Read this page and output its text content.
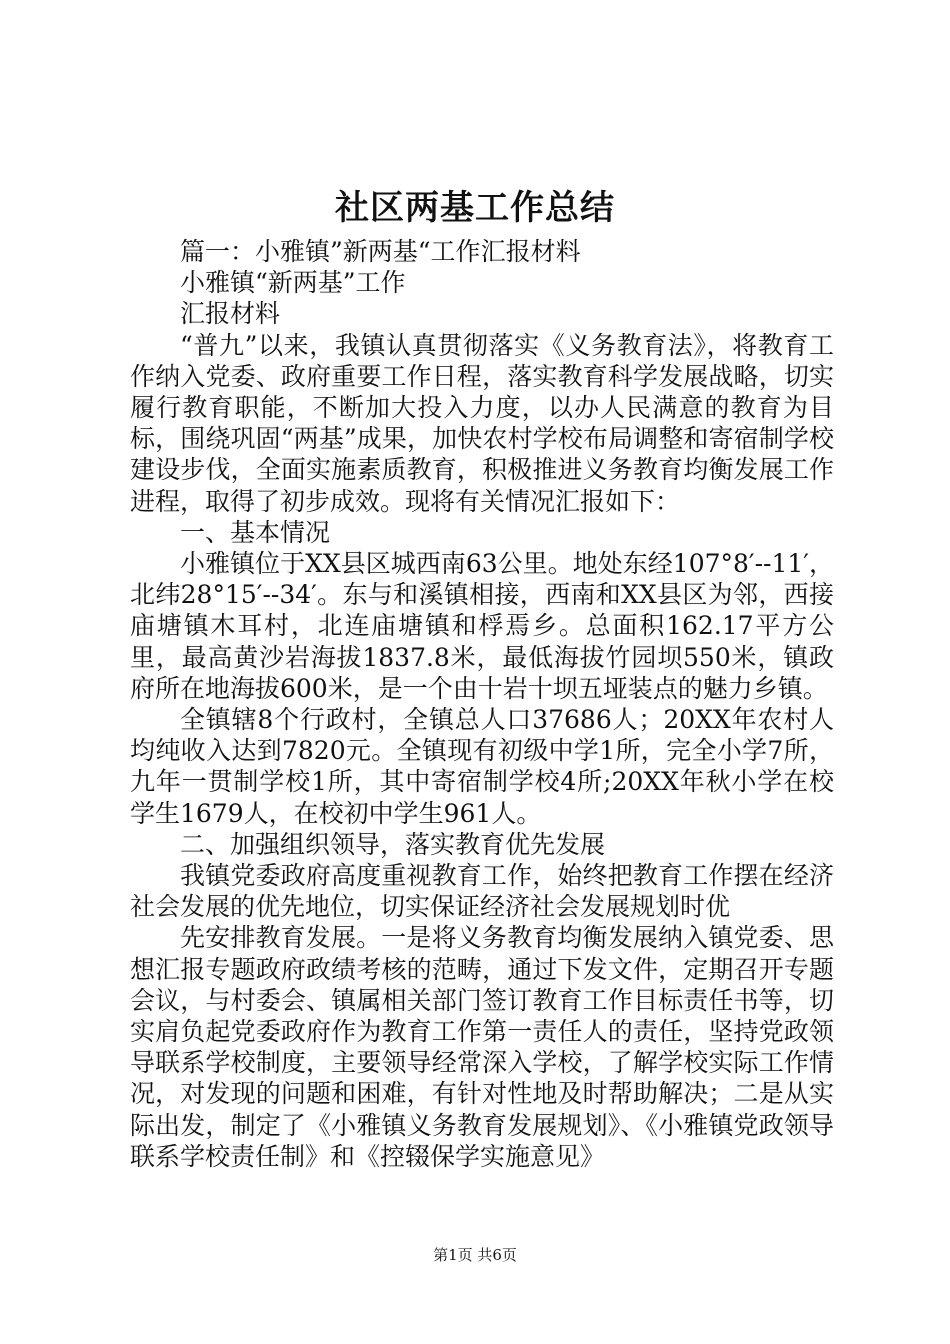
社区两基工作总结

篇一：小雅镇”新两基“工作汇报材料

小雅镇“新两基”工作

汇报材料

“普九”以来，我镇认真贯彻落实《义务教育法》，将教育工作纳入党委、政府重要工作日程，落实教育科学发展战略，切实履行教育职能，不断加大投入力度，以办人民满意的教育为目标，围绕巩固“两基”成果，加快农村学校布局调整和寄宿制学校建设步伐，全面实施素质教育，积极推进义务教育均衡发展工作进程，取得了初步成效。现将有关情况汇报如下：

一、基本情况

小雅镇位于XX县区城西南63公里。地处东经107°8′--11′，北纬28°15′--34′。东与和溪镇相接，西南和XX县区为邻，西接庙塘镇木耳村，北连庙塘镇和桴焉乡。总面积162.17平方公里，最高黄沙岩海拔1837.8米，最低海拔竹园坝550米，镇政府所在地海拔600米，是一个由十岩十坝五垭装点的魅力乡镇。

全镇辖8个行政村，全镇总人口37686人；20XX年农村人均纯收入达到7820元。全镇现有初级中学1所，完全小学7所，九年一贯制学校1所，其中寄宿制学校4所;20XX年秋小学在校学生1679人，在校初中学生961人。

二、加强组织领导，落实教育优先发展

我镇党委政府高度重视教育工作，始终把教育工作摆在经济社会发展的优先地位，切实保证经济社会发展规划时优

先安排教育发展。一是将义务教育均衡发展纳入镇党委、思想汇报专题政府政绩考核的范畴，通过下发文件，定期召开专题会议，与村委会、镇属相关部门签订教育工作目标责任书等，切实肩负起党委政府作为教育工作第一责任人的责任，坚持党政领导联系学校制度，主要领导经常深入学校，了解学校实际工作情况，对发现的问题和困难，有针对性地及时帮助解决；二是从实际出发，制定了《小雅镇义务教育发展规划》、《小雅镇党政领导联系学校责任制》和《控辍保学实施意见》

第1页 共6页
